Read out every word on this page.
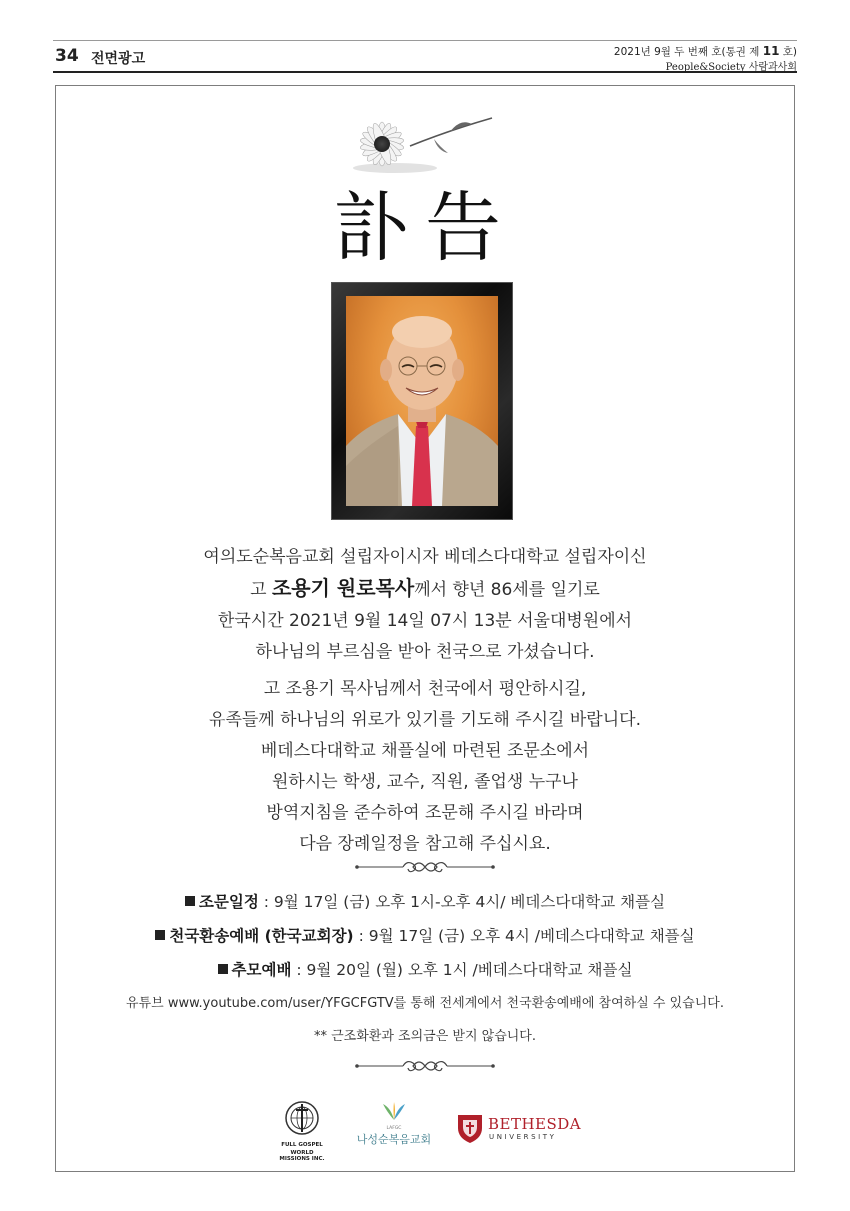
34 전면광고	2021년 9월 두 번째 호(통권 제 11 호)
People&Society 사람과사회
訃告
여의도순복음교회 설립자이시자 베데스다대학교 설립자이신
고 조용기 원로목사께서 향년 86세를 일기로
한국시간 2021년 9월 14일 07시 13분 서울대병원에서
하나님의 부르심을 받아 천국으로 가셨습니다.
고 조용기 목사님께서 천국에서 평안하시길,
유족들께 하나님의 위로가 있기를 기도해 주시길 바랍니다.
베데스다대학교 채플실에 마련된 조문소에서
원하시는 학생, 교수, 직원, 졸업생 누구나
방역지침을 준수하여 조문해 주시길 바라며
다음 장례일정을 참고해 주십시요.
조문일정 : 9월 17일 (금) 오후 1시-오후 4시/ 베데스다대학교 채플실
천국환송예배 (한국교회장) : 9월 17일 (금) 오후 4시 /베데스다대학교 채플실
추모예배 : 9월 20일 (월) 오후 1시 /베데스다대학교 채플실
유튜브 www.youtube.com/user/YFGCFGTV를 통해 전세계에서 천국환송예배에 참여하실 수 있습니다.
** 근조화환과 조의금은 받지 않습니다.
FULL GOSPEL
WORLD MISSIONS INC.
LAFGC
나성순복음교회
BETHESDA
UNIVERSITY
